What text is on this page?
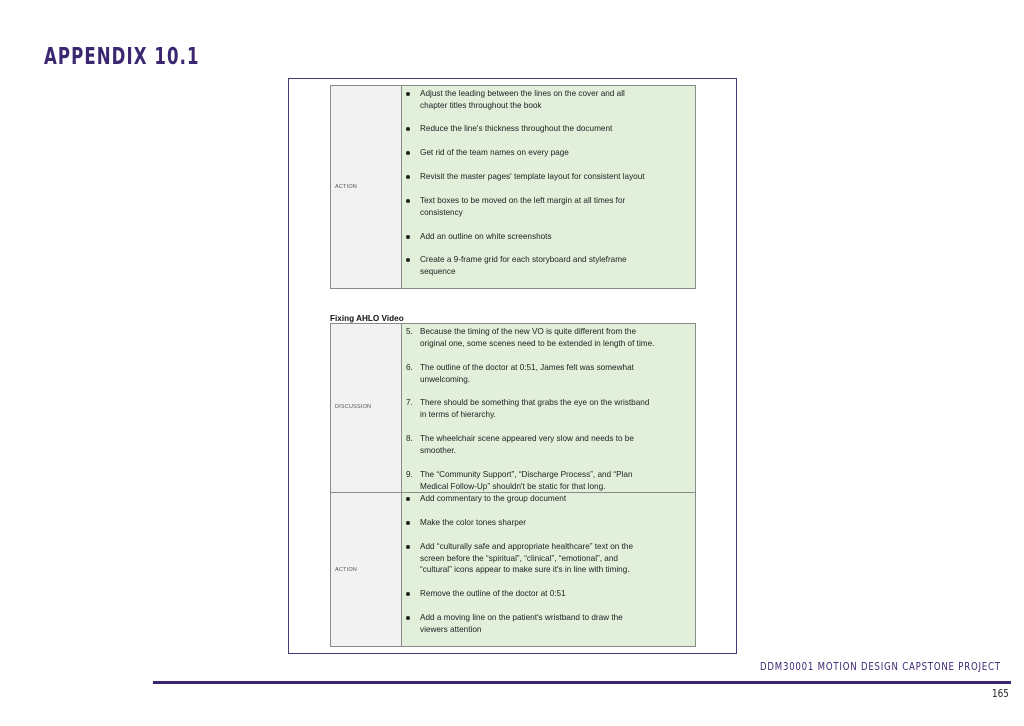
APPENDIX 10.1
ACTION
Adjust the leading between the lines on the cover and all
chapter titles throughout the book
Reduce the line's thickness throughout the document
Get rid of the team names on every page
Revisit the master pages' template layout for consistent layout
Text boxes to be moved on the left margin at all times for
consistency
Add an outline on white screenshots
Create a 9-frame grid for each storyboard and styleframe
sequence
Fixing AHLO Video
DISCUSSION
5. Because the timing of the new VO is quite different from the
original one, some scenes need to be extended in length of time.
6. The outline of the doctor at 0:51, James felt was somewhat
unwelcoming.
7. There should be something that grabs the eye on the wristband
in terms of hierarchy.
8. The wheelchair scene appeared very slow and needs to be
smoother.
9. The “Community Support”, “Discharge Process”, and “Plan
Medical Follow-Up” shouldn't be static for that long.
ACTION
Add commentary to the group document
Make the color tones sharper
Add “culturally safe and appropriate healthcare” text on the
screen before the “spiritual”, “clinical”, “emotional”, and
“cultural” icons appear to make sure it's in line with timing.
Remove the outline of the doctor at 0:51
Add a moving line on the patient's wristband to draw the
viewers attention
DDM30001 MOTION DESIGN CAPSTONE PROJECT
165
